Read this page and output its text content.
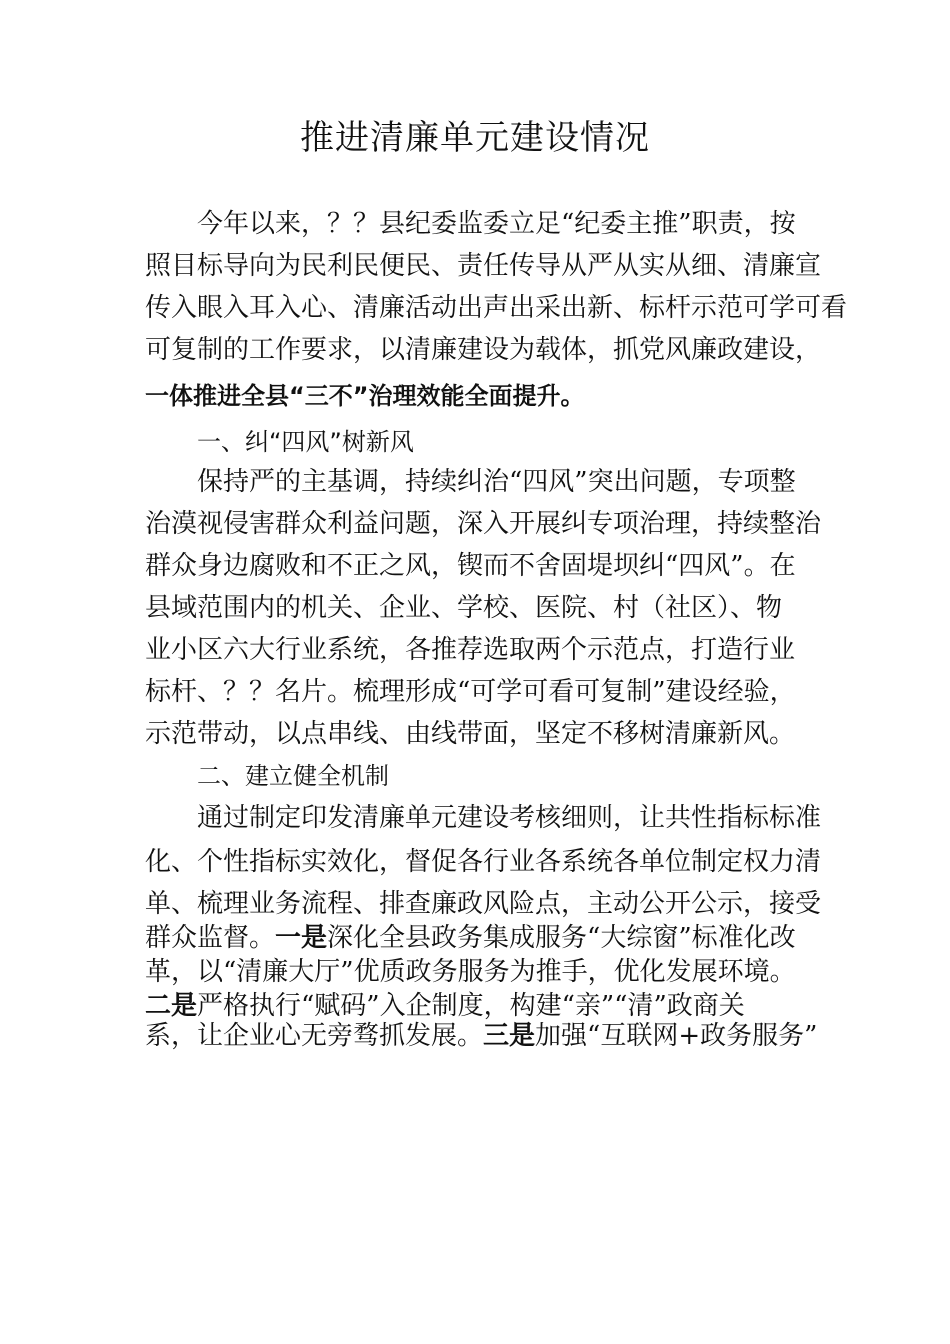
推进清廉单元建设情况
今年以来，？？县纪委监委立足“纪委主推”职责，按
照目标导向为民利民便民、责任传导从严从实从细、清廉宣
传入眼入耳入心、清廉活动出声出采出新、标杆示范可学可看
可复制的工作要求，以清廉建设为载体，抓党风廉政建设，
一体推进全县“三不”治理效能全面提升。
一、纠“四风”树新风
保持严的主基调，持续纠治“四风”突出问题，专项整
治漠视侵害群众利益问题，深入开展纠专项治理，持续整治
群众身边腐败和不正之风，锲而不舍固堤坝纠“四风”。在
县域范围内的机关、企业、学校、医院、村（社区）、物
业小区六大行业系统，各推荐选取两个示范点，打造行业
标杆、？？名片。梳理形成“可学可看可复制”建设经验，
示范带动，以点串线、由线带面，坚定不移树清廉新风。
二、建立健全机制
通过制定印发清廉单元建设考核细则，让共性指标标准
化、个性指标实效化，督促各行业各系统各单位制定权力清
单、梳理业务流程、排查廉政风险点，主动公开公示，接受
群众监督。一是深化全县政务集成服务“大综窗”标准化改
革，以“清廉大厅”优质政务服务为推手，优化发展环境。
二是严格执行“赋码”入企制度，构建“亲”“清”政商关
系，让企业心无旁骛抓发展。三是加强“互联网+政务服务”
